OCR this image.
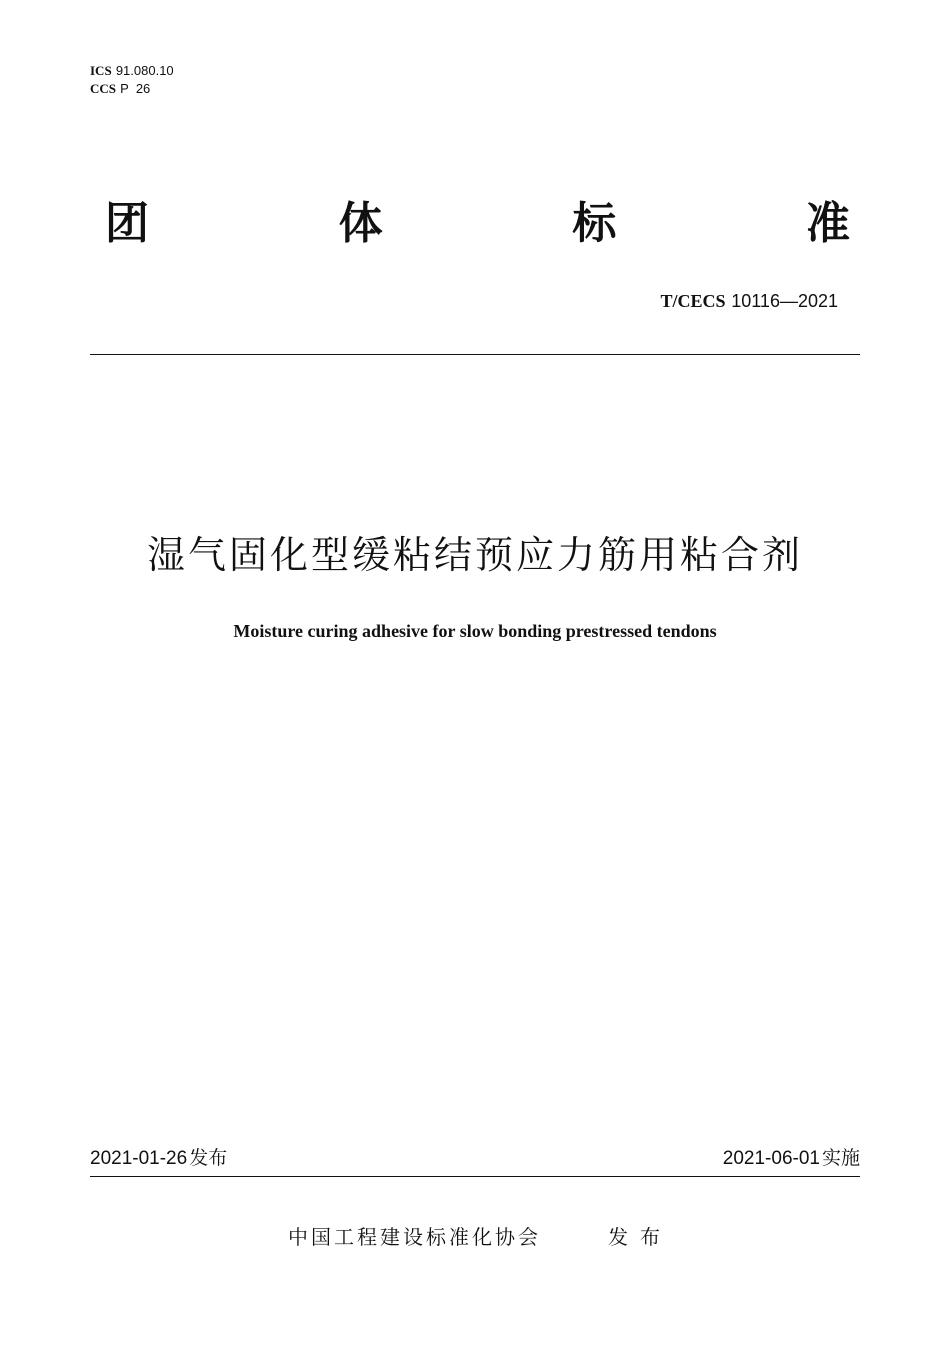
ICS 91.080.10
CCS P  26
团	体	标	准
T/CECS 10116—2021
湿气固化型缓粘结预应力筋用粘合剂
Moisture curing adhesive for slow bonding prestressed tendons
2021-01-26 发布	2021-06-01 实施
中国工程建设标准化协会	发布
